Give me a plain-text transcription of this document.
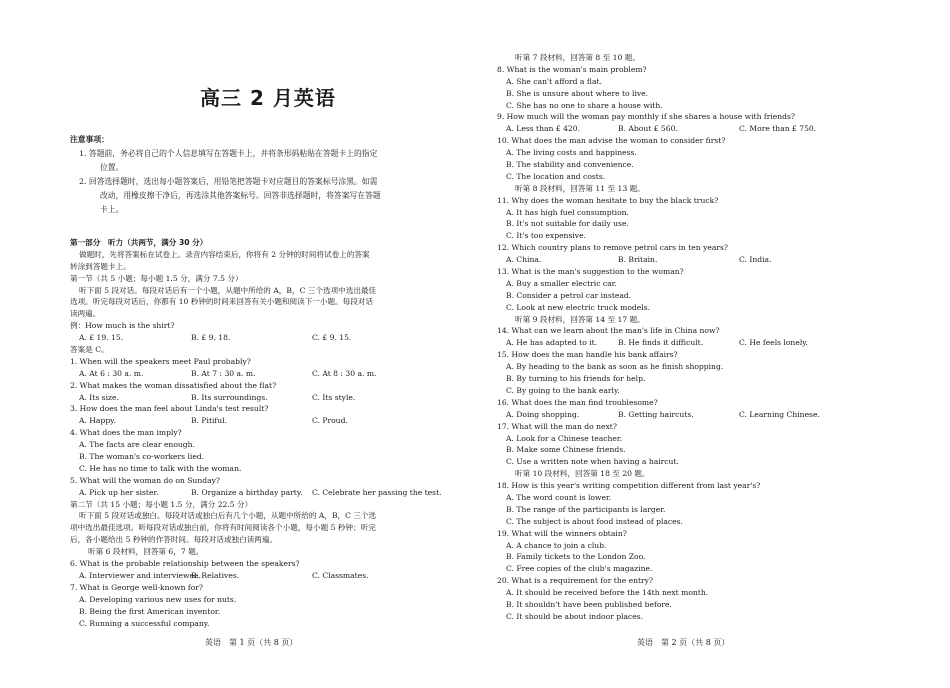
高三 2 月英语
注意事项：
1. 答题前，务必将自己的个人信息填写在答题卡上，并将条形码粘贴在答题卡上的指定
位置。
2. 回答选择题时，选出每小题答案后，用铅笔把答题卡对应题目的答案标号涂黑。如需
改动，用橡皮擦干净后，再选涂其他答案标号。回答非选择题时，将答案写在答题
卡上。
第一部分　听力（共两节，满分 30 分）
做题时，先将答案标在试卷上。录音内容结束后，你将有 2 分钟的时间将试卷上的答案
转涂到答题卡上。
第一节（共 5 小题；每小题 1.5 分，满分 7.5 分）
听下面 5 段对话。每段对话后有一个小题，从题中所给的 A，B，C 三个选项中选出最佳
选项。听完每段对话后，你都有 10 秒钟的时间来回答有关小题和阅读下一小题。每段对话
读两遍。
例：How much is the shirt?
A. £ 19. 15.	B. £ 9. 18.	C. £ 9. 15.
答案是 C。
1. When will the speakers meet Paul probably?
A. At 6 : 30 a. m.	B. At 7 : 30 a. m.	C. At 8 : 30 a. m.
2. What makes the woman dissatisfied about the flat?
A. Its size.	B. Its surroundings.	C. Its style.
3. How does the man feel about Linda's test result?
A. Happy.	B. Pitiful.	C. Proud.
4. What does the man imply?
A. The facts are clear enough.
B. The woman's co-workers lied.
C. He has no time to talk with the woman.
5. What will the woman do on Sunday?
A. Pick up her sister.	B. Organize a birthday party.	C. Celebrate her passing the test.
第二节（共 15 小题；每小题 1.5 分，满分 22.5 分）
听下面 5 段对话或独白。每段对话或独白后有几个小题，从题中所给的 A，B，C 三个选
项中选出最佳选项。听每段对话或独白前，你将有时间阅读各个小题，每小题 5 秒钟；听完
后，各小题给出 5 秒钟的作答时间。每段对话或独白读两遍。
听第 6 段材料，回答第 6，7 题。
6. What is the probable relationship between the speakers?
A. Interviewer and interviewee.
B. Relatives.	C. Classmates.
7. What is George well-known for?
A. Developing various new uses for nuts.
B. Being the first American inventor.
C. Running a successful company.
英语　第 1 页（共 8 页）
听第 7 段材料，回答第 8 至 10 题。
8. What is the woman's main problem?
A. She can't afford a flat.
B. She is unsure about where to live.
C. She has no one to share a house with.
9. How much will the woman pay monthly if she shares a house with friends?
A. Less than £ 420.	B. About £ 560.	C. More than £ 750.
10. What does the man advise the woman to consider first?
A. The living costs and happiness.
B. The stability and convenience.
C. The location and costs.
听第 8 段材料，回答第 11 至 13 题。
11. Why does the woman hesitate to buy the black truck?
A. It has high fuel consumption.
B. It's not suitable for daily use.
C. It's too expensive.
12. Which country plans to remove petrol cars in ten years?
A. China.	B. Britain.	C. India.
13. What is the man's suggestion to the woman?
A. Buy a smaller electric car.
B. Consider a petrol car instead.
C. Look at new electric truck models.
听第 9 段材料，回答第 14 至 17 题。
14. What can we learn about the man's life in China now?
A. He has adapted to it.	B. He finds it difficult.	C. He feels lonely.
15. How does the man handle his bank affairs?
A. By heading to the bank as soon as he finish shopping.
B. By turning to his friends for help.
C. By going to the bank early.
16. What does the man find troublesome?
A. Doing shopping.	B. Getting haircuts.	C. Learning Chinese.
17. What will the man do next?
A. Look for a Chinese teacher.
B. Make some Chinese friends.
C. Use a written note when having a haircut.
听第 10 段材料，回答第 18 至 20 题。
18. How is this year's writing competition different from last year's?
A. The word count is lower.
B. The range of the participants is larger.
C. The subject is about food instead of places.
19. What will the winners obtain?
A. A chance to join a club.
B. Family tickets to the London Zoo.
C. Free copies of the club's magazine.
20. What is a requirement for the entry?
A. It should be received before the 14th next month.
B. It shouldn't have been published before.
C. It should be about indoor places.
英语　第 2 页（共 8 页）
